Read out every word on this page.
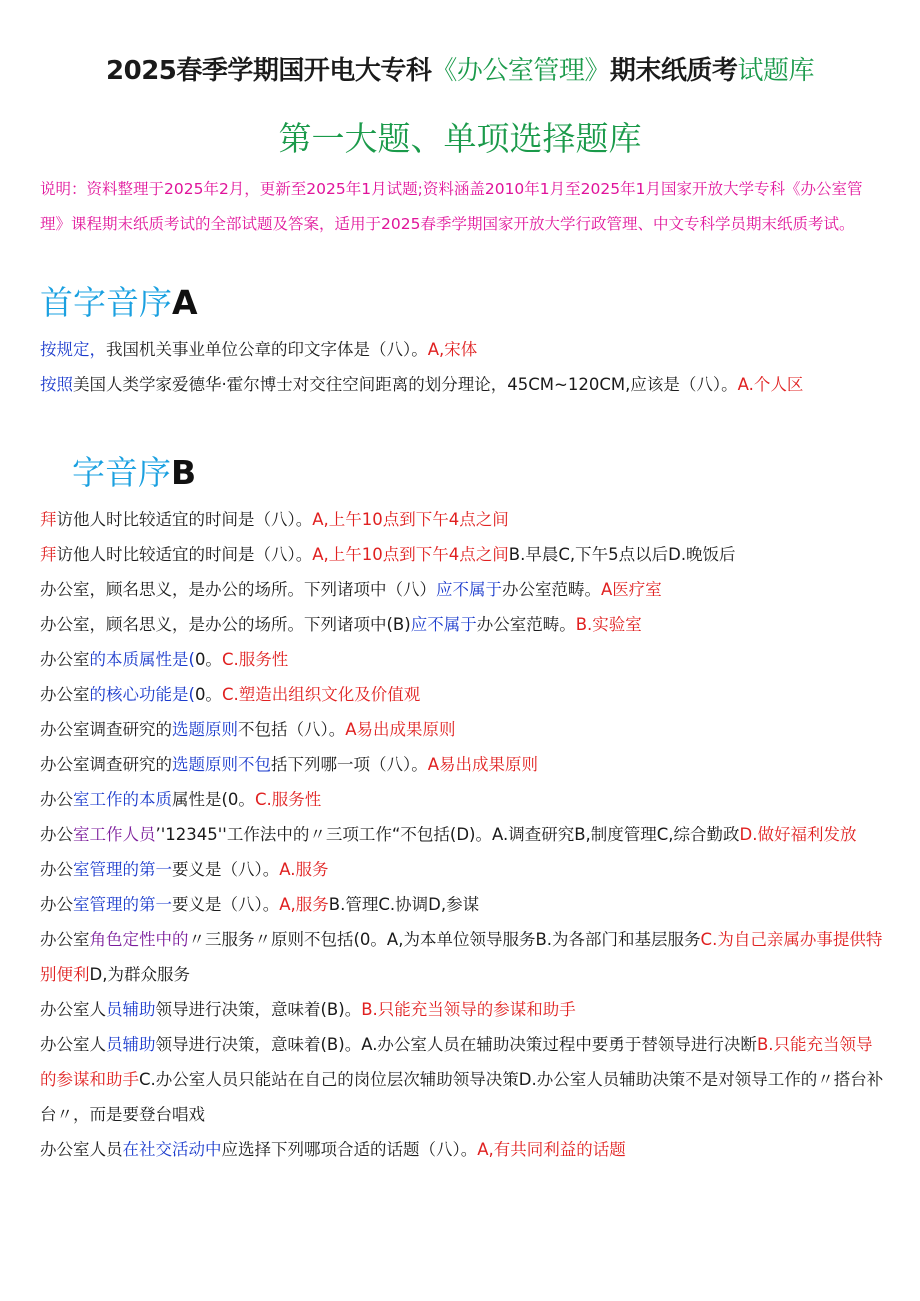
2025春季学期国开电大专科《办公室管理》期末纸质考试题库
第一大题、单项选择题库
说明：资料整理于2025年2月，更新至2025年1月试题;资料涵盖2010年1月至2025年1月国家开放大学专科《办公室管理》课程期末纸质考试的全部试题及答案，适用于2025春季学期国家开放大学行政管理、中文专科学员期末纸质考试。
首字音序A

按规定，我国机关事业单位公章的印文字体是（八）。A,宋体

按照美国人类学家爱德华·霍尔博士对交往空间距离的划分理论，45CM~120CM,应该是（八）。A.个人区

字音序B

拜访他人时比较适宜的时间是（八）。A,上午10点到下午4点之间

拜访他人时比较适宜的时间是（八）。A,上午10点到下午4点之间B.早晨C,下午5点以后D.晚饭后

办公室，顾名思义，是办公的场所。下列诸项中（八）应不属于办公室范畴。A医疗室

办公室，顾名思义，是办公的场所。下列诸项中(B)应不属于办公室范畴。B.实验室

办公室的本质属性是(0。C.服务性

办公室的核心功能是(0。C.塑造出组织文化及价值观

办公室调查研究的选题原则不包括（八）。A易出成果原则

办公室调查研究的选题原则不包括下列哪一项（八）。A易出成果原则

办公室工作的本质属性是(0。C.服务性

办公室工作人员’'12345''工作法中的〃三项工作“不包括(D)。A.调查研究B,制度管理C,综合勤政D.做好福利发放

办公室管理的第一要义是（八）。A.服务

办公室管理的第一要义是（八）。A,服务B.管理C.协调D,参谋

办公室角色定性中的〃三服务〃原则不包括(0。A,为本单位领导服务B.为各部门和基层服务C.为自己亲属办事提供特别便利D,为群众服务

办公室人员辅助领导进行决策，意味着(B)。B.只能充当领导的参谋和助手

办公室人员辅助领导进行决策，意味着(B)。A.办公室人员在辅助决策过程中要勇于替领导进行决断B.只能充当领导的参谋和助手C.办公室人员只能站在自己的岗位层次辅助领导决策D.办公室人员辅助决策不是对领导工作的〃搭台补台〃，而是要登台唱戏

办公室人员在社交活动中应选择下列哪项合适的话题（八）。A,有共同利益的话题
